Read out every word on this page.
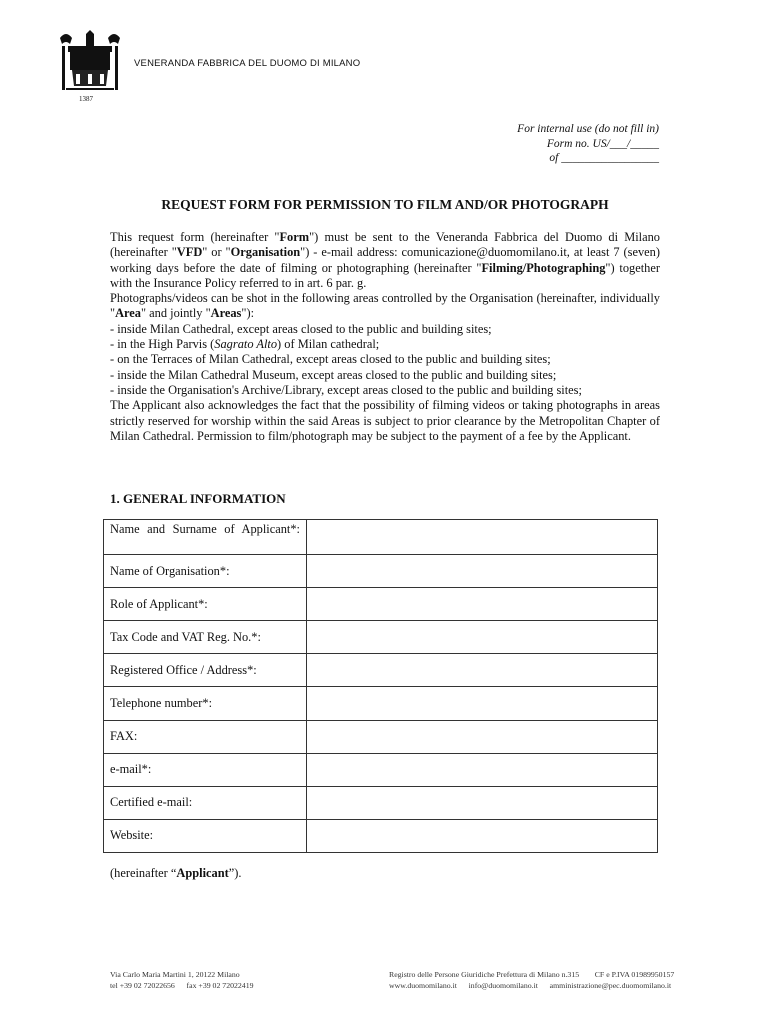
VENERANDA FABBRICA DEL DUOMO DI MILANO
1387
For internal use (do not fill in)
Form no. US/___/_____
of _________________
REQUEST FORM FOR PERMISSION TO FILM AND/OR PHOTOGRAPH

This request form (hereinafter "Form") must be sent to the Veneranda Fabbrica del Duomo di Milano (hereinafter "VFD" or "Organisation") - e-mail address: comunicazione@duomomilano.it, at least 7 (seven) working days before the date of filming or photographing (hereinafter "Filming/Photographing") together with the Insurance Policy referred to in art. 6 par. g.

Photographs/videos can be shot in the following areas controlled by the Organisation (hereinafter, individually "Area" and jointly "Areas"):

- inside Milan Cathedral, except areas closed to the public and building sites;

- in the High Parvis (Sagrato Alto) of Milan cathedral;

- on the Terraces of Milan Cathedral, except areas closed to the public and building sites;

- inside the Milan Cathedral Museum, except areas closed to the public and building sites;

- inside the Organisation's Archive/Library, except areas closed to the public and building sites;

The Applicant also acknowledges the fact that the possibility of filming videos or taking photographs in areas strictly reserved for worship within the said Areas is subject to prior clearance by the Metropolitan Chapter of Milan Cathedral. Permission to film/photograph may be subject to the payment of a fee by the Applicant.

1. GENERAL INFORMATION
Name and Surname of Applicant*:	
Name of Organisation*:	
Role of Applicant*:	
Tax Code and VAT Reg. No.*:	
Registered Office / Address*:	
Telephone number*:	
FAX:	
e-mail*:	
Certified e-mail:	
Website:	
(hereinafter “Applicant”).
Via Carlo Maria Martini 1, 20122 Milano
tel +39 02 72022656      fax +39 02 72022419
Registro delle Persone Giuridiche Prefettura di Milano n.315        CF e P.IVA 01989950157
www.duomomilano.it      info@duomomilano.it      amministrazione@pec.duomomilano.it
